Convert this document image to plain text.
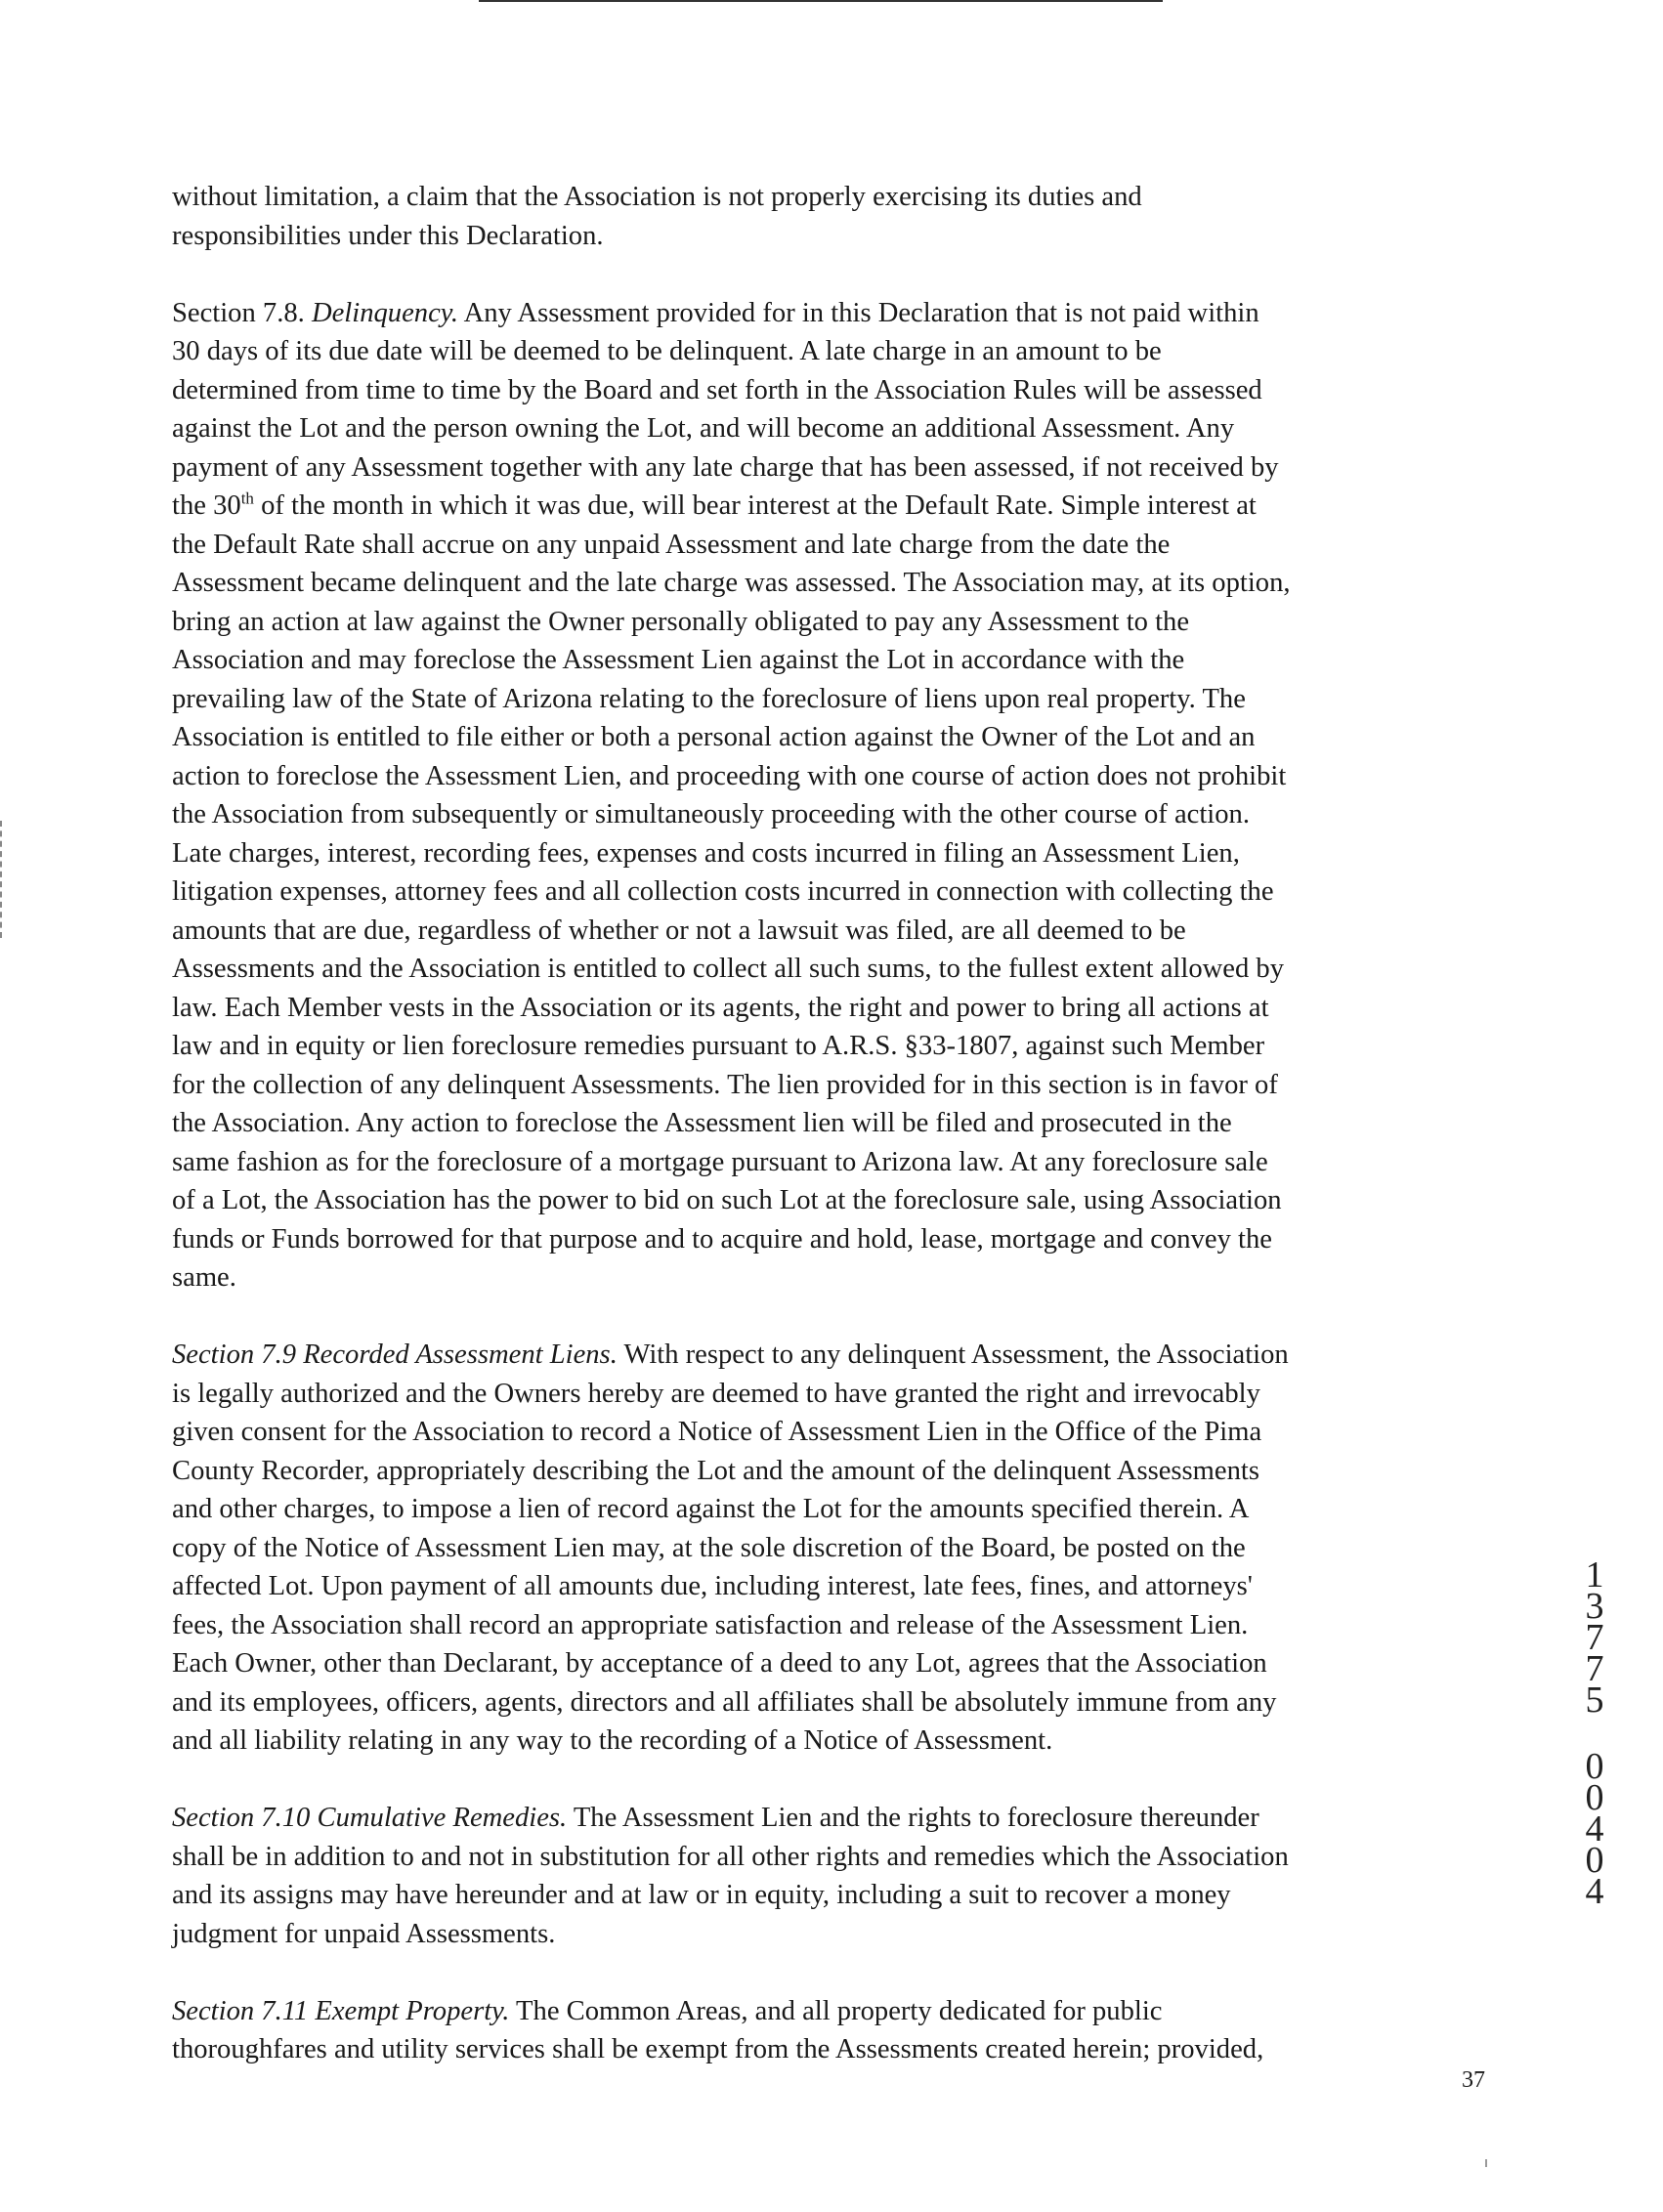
without limitation, a claim that the Association is not properly exercising its duties and
responsibilities under this Declaration.

Section 7.8. Delinquency. Any Assessment provided for in this Declaration that is not paid within
30 days of its due date will be deemed to be delinquent. A late charge in an amount to be
determined from time to time by the Board and set forth in the Association Rules will be assessed
against the Lot and the person owning the Lot, and will become an additional Assessment. Any
payment of any Assessment together with any late charge that has been assessed, if not received by
the 30th of the month in which it was due, will bear interest at the Default Rate. Simple interest at
the Default Rate shall accrue on any unpaid Assessment and late charge from the date the
Assessment became delinquent and the late charge was assessed. The Association may, at its option,
bring an action at law against the Owner personally obligated to pay any Assessment to the
Association and may foreclose the Assessment Lien against the Lot in accordance with the
prevailing law of the State of Arizona relating to the foreclosure of liens upon real property. The
Association is entitled to file either or both a personal action against the Owner of the Lot and an
action to foreclose the Assessment Lien, and proceeding with one course of action does not prohibit
the Association from subsequently or simultaneously proceeding with the other course of action.
Late charges, interest, recording fees, expenses and costs incurred in filing an Assessment Lien,
litigation expenses, attorney fees and all collection costs incurred in connection with collecting the
amounts that are due, regardless of whether or not a lawsuit was filed, are all deemed to be
Assessments and the Association is entitled to collect all such sums, to the fullest extent allowed by
law. Each Member vests in the Association or its agents, the right and power to bring all actions at
law and in equity or lien foreclosure remedies pursuant to A.R.S. §33-1807, against such Member
for the collection of any delinquent Assessments. The lien provided for in this section is in favor of
the Association. Any action to foreclose the Assessment lien will be filed and prosecuted in the
same fashion as for the foreclosure of a mortgage pursuant to Arizona law. At any foreclosure sale
of a Lot, the Association has the power to bid on such Lot at the foreclosure sale, using Association
funds or Funds borrowed for that purpose and to acquire and hold, lease, mortgage and convey the
same.

Section 7.9 Recorded Assessment Liens. With respect to any delinquent Assessment, the Association
is legally authorized and the Owners hereby are deemed to have granted the right and irrevocably
given consent for the Association to record a Notice of Assessment Lien in the Office of the Pima
County Recorder, appropriately describing the Lot and the amount of the delinquent Assessments
and other charges, to impose a lien of record against the Lot for the amounts specified therein. A
copy of the Notice of Assessment Lien may, at the sole discretion of the Board, be posted on the
affected Lot. Upon payment of all amounts due, including interest, late fees, fines, and attorneys'
fees, the Association shall record an appropriate satisfaction and release of the Assessment Lien.
Each Owner, other than Declarant, by acceptance of a deed to any Lot, agrees that the Association
and its employees, officers, agents, directors and all affiliates shall be absolutely immune from any
and all liability relating in any way to the recording of a Notice of Assessment.

Section 7.10 Cumulative Remedies. The Assessment Lien and the rights to foreclosure thereunder
shall be in addition to and not in substitution for all other rights and remedies which the Association
and its assigns may have hereunder and at law or in equity, including a suit to recover a money
judgment for unpaid Assessments.

Section 7.11 Exempt Property. The Common Areas, and all property dedicated for public
thoroughfares and utility services shall be exempt from the Assessments created herein; provided,

1
3
7
7
5
0
0
4
0
4
37
